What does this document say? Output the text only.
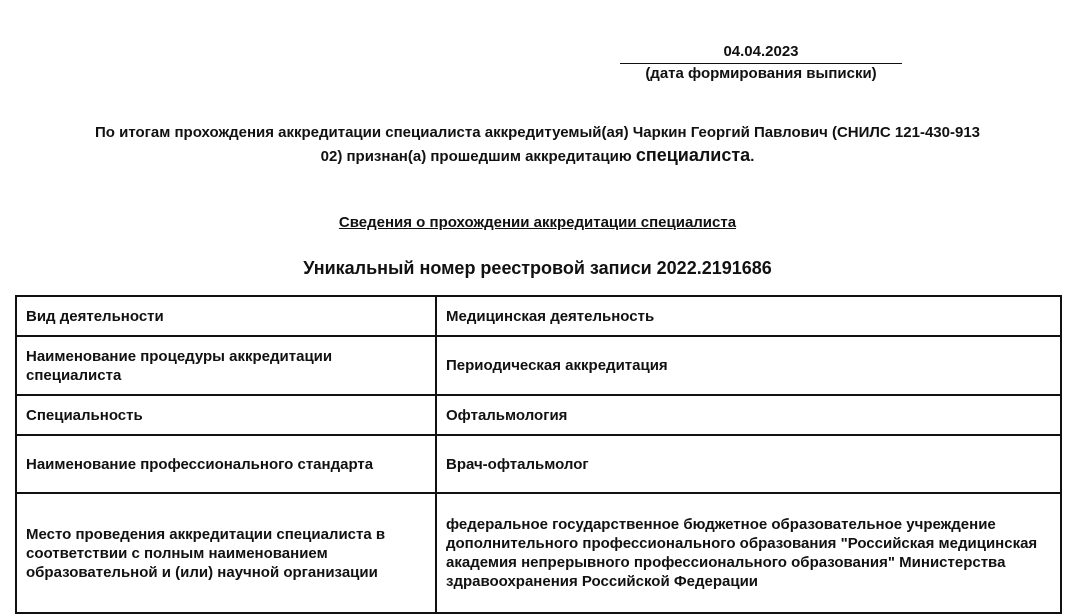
04.04.2023
(дата формирования выписки)
По итогам прохождения аккредитации специалиста аккредитуемый(ая) Чаркин Георгий Павлович (СНИЛС 121-430-913
02) признан(а) прошедшим аккредитацию специалиста.
Сведения о прохождении аккредитации специалиста
Уникальный номер реестровой записи 2022.2191686
Вид деятельности	Медицинская деятельность
Наименование процедуры аккредитации специалиста	Периодическая аккредитация
Специальность	Офтальмология
Наименование профессионального стандарта	Врач-офтальмолог
Место проведения аккредитации специалиста в соответствии с полным наименованием образовательной и (или) научной организации	федеральное государственное бюджетное образовательное учреждение дополнительного профессионального образования "Российская медицинская академия непрерывного профессионального образования" Министерства здравоохранения Российской Федерации
